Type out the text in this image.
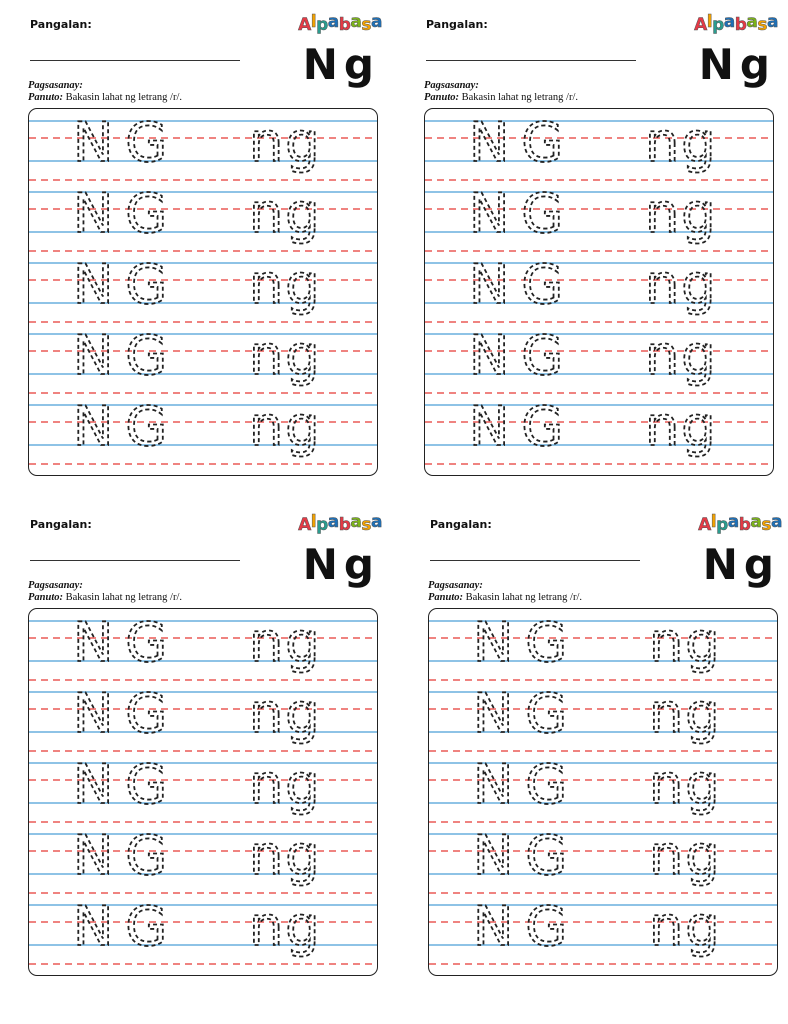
Pangalan:	Alpabasa
Ng
Pagsasanay:
Panuto: Bakasin lahat ng letrang /r/.
NG ng
NG ng
NG ng
NG ng
NG ng
Pangalan:	Alpabasa
Ng
Pagsasanay:
Panuto: Bakasin lahat ng letrang /r/.
NG ng
NG ng
NG ng
NG ng
NG ng
Pangalan:	Alpabasa
Ng
Pagsasanay:
Panuto: Bakasin lahat ng letrang /r/.
NG ng
NG ng
NG ng
NG ng
NG ng
Pangalan:	Alpabasa
Ng
Pagsasanay:
Panuto: Bakasin lahat ng letrang /r/.
NG ng
NG ng
NG ng
NG ng
NG ng
